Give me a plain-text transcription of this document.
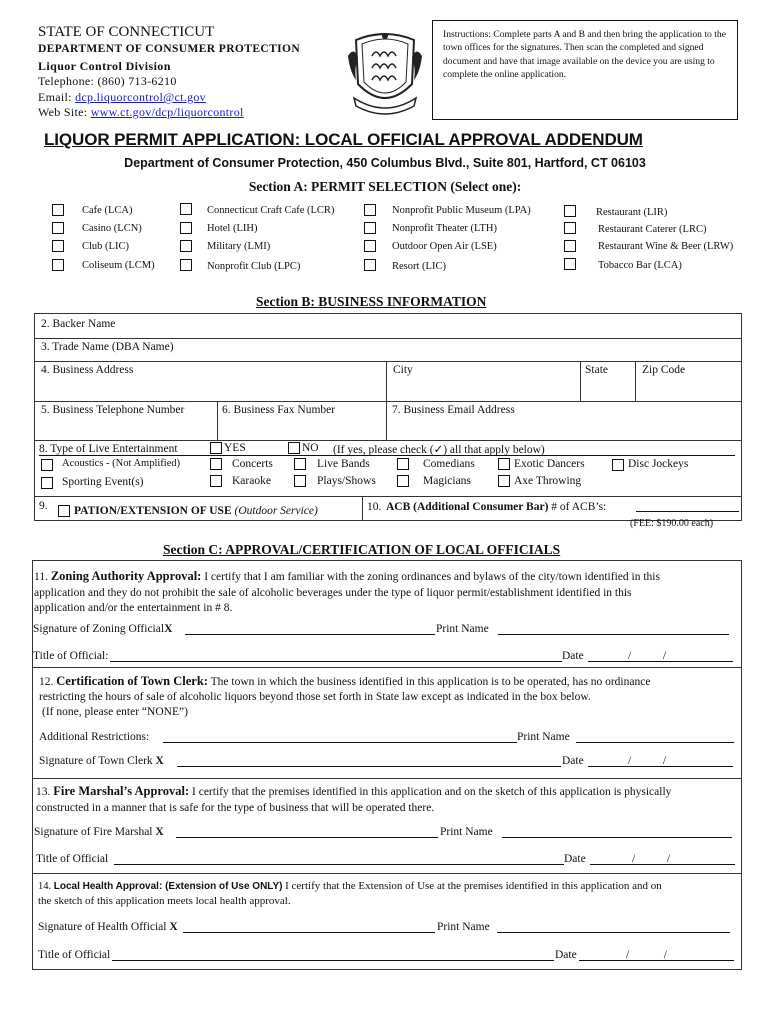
STATE OF CONNECTICUT
DEPARTMENT OF CONSUMER PROTECTION
Liquor Control Division
Telephone: (860) 713-6210
Email: dcp.liquorcontrol@ct.gov
Web Site: www.ct.gov/dcp/liquorcontrol
Instructions: Complete parts A and B and then bring the application to the town offices for the signatures. Then scan the completed and signed document and have that image available on the device you are using to complete the online application.
LIQUOR PERMIT APPLICATION: LOCAL OFFICIAL APPROVAL ADDENDUM
Department of Consumer Protection, 450 Columbus Blvd., Suite 801, Hartford, CT 06103
Section A: PERMIT SELECTION (Select one):
Cafe (LCA)
Casino (LCN)
Club (LIC)
Coliseum (LCM)
Connecticut Craft Cafe (LCR)
Hotel (LIH)
Military (LMI)
Nonprofit Club (LPC)
Nonprofit Public Museum (LPA)
Nonprofit Theater (LTH)
Outdoor Open Air (LSE)
Resort (LIC)
Restaurant (LIR)
Restaurant Caterer (LRC)
Restaurant Wine & Beer (LRW)
Tobacco Bar (LCA)
Section B: BUSINESS INFORMATION
2. Backer Name
3. Trade Name (DBA Name)
4. Business Address	City	State	Zip Code
5. Business Telephone Number	6. Business Fax Number	7. Business Email Address
8. Type of Live Entertainment	YES	NO (If yes, please check (✓) all that apply below)
Acoustics - (Not Amplified)	Concerts	Live Bands	Comedians	Exotic Dancers	Disc Jockeys
Sporting Event(s)	Karaoke	Plays/Shows	Magicians	Axe Throwing
9. PATION/EXTENSION OF USE (Outdoor Service)	10. ACB (Additional Consumer Bar) # of ACB’s:
(FEE: $190.00 each)
Section C: APPROVAL/CERTIFICATION OF LOCAL OFFICIALS
11. Zoning Authority Approval: I certify that I am familiar with the zoning ordinances and bylaws of the city/town identified in this
application and they do not prohibit the sale of alcoholic beverages under the type of liquor permit/establishment identified in this
application and/or the entertainment in # 8.
Signature of Zoning OfficialX	Print Name
Title of Official:	Date	/           /
12. Certification of Town Clerk: The town in which the business identified in this application is to be operated, has no ordinance
restricting the hours of sale of alcoholic liquors beyond those set forth in State law except as indicated in the box below.
(If none, please enter “NONE”)
Additional Restrictions:	Print Name
Signature of Town Clerk X	Date	/           /
13. Fire Marshal’s Approval: I certify that the premises identified in this application and on the sketch of this application is physically
constructed in a manner that is safe for the type of business that will be operated there.
Signature of Fire Marshal X	Print Name
Title of Official	Date	/           /
14. Local Health Approval: (Extension of Use ONLY) I certify that the Extension of Use at the premises identified in this application and on
the sketch of this application meets local health approval.
Signature of Health Official X	Print Name
Title of Official	Date	/            /
